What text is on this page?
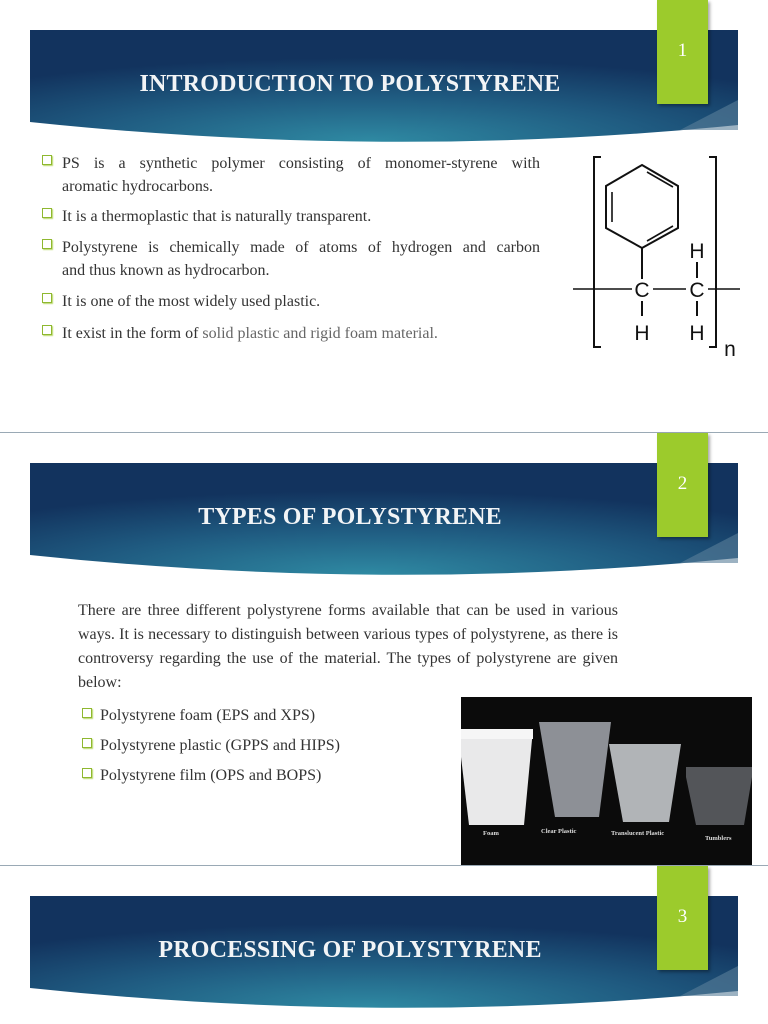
INTRODUCTION TO POLYSTYRENE
1
PS is a synthetic polymer consisting of monomer-styrene with
aromatic hydrocarbons.
It is a thermoplastic that is naturally transparent.
Polystyrene is chemically made of atoms of hydrogen and carbon
and thus known as hydrocarbon.
It is one of the most widely used plastic.
It exist in the form of solid plastic and rigid foam material.
C C
H
H H
n
TYPES OF POLYSTYRENE
2
There are three different polystyrene forms available that can be used in various ways. It is necessary to distinguish between various types of polystyrene, as there is controversy regarding the use of the material. The types of polystyrene are given below:
Polystyrene foam (EPS and XPS)
Polystyrene plastic (GPPS and HIPS)
Polystyrene film (OPS and BOPS)
Foam	Clear Plastic	Translucent Plastic
Tumblers
PROCESSING OF POLYSTYRENE
3
